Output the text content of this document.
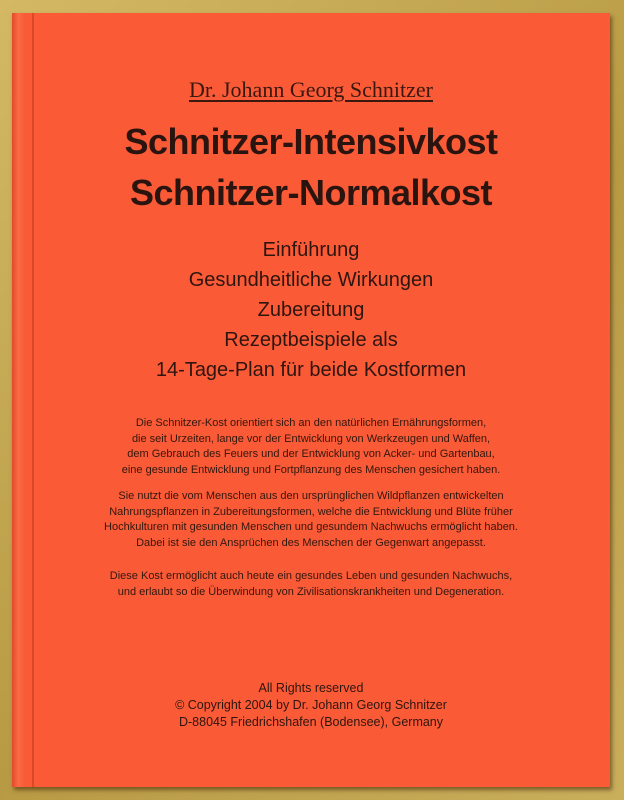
Dr. Johann Georg Schnitzer
Schnitzer-Intensivkost
Schnitzer-Normalkost
Einführung
Gesundheitliche Wirkungen
Zubereitung
Rezeptbeispiele als
14-Tage-Plan für beide Kostformen
Die Schnitzer-Kost orientiert sich an den natürlichen Ernährungsformen,
die seit Urzeiten, lange vor der Entwicklung von Werkzeugen und Waffen,
dem Gebrauch des Feuers und der Entwicklung von Acker- und Gartenbau,
eine gesunde Entwicklung und Fortpflanzung des Menschen gesichert haben.
Sie nutzt die vom Menschen aus den ursprünglichen Wildpflanzen entwickelten
Nahrungspflanzen in Zubereitungsformen, welche die Entwicklung und Blüte früher
Hochkulturen mit gesunden Menschen und gesundem Nachwuchs ermöglicht haben.
Dabei ist sie den Ansprüchen des Menschen der Gegenwart angepasst.
Diese Kost ermöglicht auch heute ein gesundes Leben und gesunden Nachwuchs,
und erlaubt so die Überwindung von Zivilisationskrankheiten und Degeneration.
All Rights reserved
© Copyright 2004 by Dr. Johann Georg Schnitzer
D-88045 Friedrichshafen (Bodensee), Germany
